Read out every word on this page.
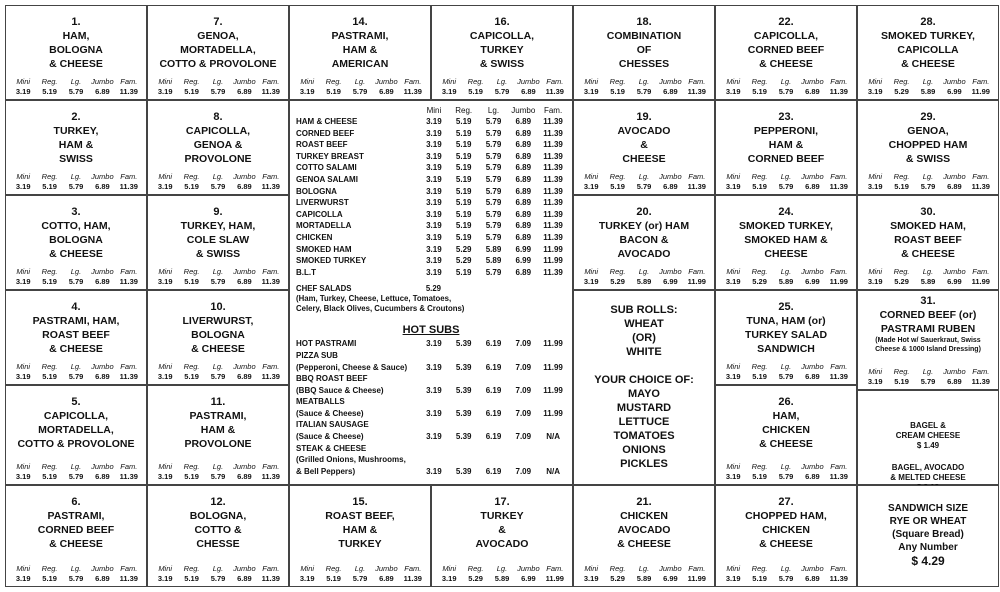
1.
HAM,
BOLOGNA
& CHEESE
Mini	Reg.	Lg.	Jumbo Fam.
3.19	5.19	5.79	6.89	11.39
7.
GENOA,
MORTADELLA,
COTTO & PROVOLONE
Mini	Reg.	Lg.	Jumbo Fam.
3.19	5.19	5.79	6.89	11.39
14.
PASTRAMI,
HAM &
AMERICAN
Mini	Reg.	Lg.	Jumbo Fam.
3.19	5.19	5.79	6.89	11.39
16.
CAPICOLLA,
TURKEY
& SWISS
Mini	Reg.	Lg.	Jumbo Fam.
3.19	5.19	5.79	6.89	11.39
18.
COMBINATION
OF
CHESSES
Mini	Reg.	Lg.	Jumbo Fam.
3.19	5.19	5.79	6.89	11.39
22.
CAPICOLLA,
CORNED BEEF
& CHEESE
Mini	Reg.	Lg.	Jumbo Fam.
3.19	5.19	5.79	6.89	11.39
28.
SMOKED TURKEY,
CAPICOLLA
& CHEESE
Mini	Reg.	Lg.	Jumbo Fam.
3.19	5.29	5.89	6.99	11.99
2.
TURKEY,
HAM &
SWISS
Mini	Reg.	Lg.	Jumbo Fam.
3.19	5.19	5.79	6.89	11.39
8.
CAPICOLLA,
GENOA &
PROVOLONE
Mini	Reg.	Lg.	Jumbo Fam.
3.19	5.19	5.79	6.89	11.39
19.
AVOCADO
&
CHEESE
Mini	Reg.	Lg.	Jumbo Fam.
3.19	5.19	5.79	6.89	11.39
23.
PEPPERONI,
HAM &
CORNED BEEF
Mini	Reg.	Lg.	Jumbo Fam.
3.19	5.19	5.79	6.89	11.39
29.
GENOA,
CHOPPED HAM
& SWISS
Mini	Reg.	Lg.	Jumbo Fam.
3.19	5.19	5.79	6.89	11.39
3.
COTTO, HAM,
BOLOGNA
& CHEESE
Mini	Reg.	Lg.	Jumbo Fam.
3.19	5.19	5.79	6.89	11.39
9.
TURKEY, HAM,
COLE SLAW
& SWISS
Mini	Reg.	Lg.	Jumbo Fam.
3.19	5.19	5.79	6.89	11.39
20.
TURKEY (or) HAM
BACON &
AVOCADO
Mini	Reg.	Lg.	Jumbo Fam.
3.19	5.29	5.89	6.99	11.99
24.
SMOKED TURKEY,
SMOKED HAM &
CHEESE
Mini	Reg.	Lg.	Jumbo Fam.
3.19	5.29	5.89	6.99	11.99
30.
SMOKED HAM,
ROAST BEEF
& CHEESE
Mini	Reg.	Lg.	Jumbo Fam.
3.19	5.29	5.89	6.99	11.99
4.
PASTRAMI, HAM,
ROAST BEEF
& CHEESE
Mini	Reg.	Lg.	Jumbo Fam.
3.19	5.19	5.79	6.89	11.39
10.
LIVERWURST,
BOLOGNA
& CHEESE
Mini	Reg.	Lg.	Jumbo Fam.
3.19	5.19	5.79	6.89	11.39
25.
TUNA, HAM (or)
TURKEY SALAD
SANDWICH
Mini	Reg.	Lg.	Jumbo Fam.
3.19	5.19	5.79	6.89	11.39
5.
CAPICOLLA,
MORTADELLA,
COTTO & PROVOLONE
Mini	Reg.	Lg.	Jumbo Fam.
3.19	5.19	5.79	6.89	11.39
11.
PASTRAMI,
HAM &
PROVOLONE
Mini	Reg.	Lg.	Jumbo Fam.
3.19	5.19	5.79	6.89	11.39
26.
HAM,
CHICKEN
& CHEESE
Mini	Reg.	Lg.	Jumbo Fam.
3.19	5.19	5.79	6.89	11.39
6.
PASTRAMI,
CORNED BEEF
& CHEESE
Mini	Reg.	Lg.	Jumbo Fam.
3.19	5.19	5.79	6.89	11.39
12.
BOLOGNA,
COTTO &
CHESSE
Mini	Reg.	Lg.	Jumbo Fam.
3.19	5.19	5.79	6.89	11.39
15.
ROAST BEEF,
HAM &
TURKEY
Mini	Reg.	Lg.	Jumbo Fam.
3.19	5.19	5.79	6.89	11.39
17.
TURKEY
&
AVOCADO
Mini	Reg.	Lg.	Jumbo Fam.
3.19	5.29	5.89	6.99	11.99
21.
CHICKEN
AVOCADO
& CHEESE
Mini	Reg.	Lg.	Jumbo Fam.
3.19	5.29	5.89	6.99	11.99
27.
CHOPPED HAM,
CHICKEN
& CHEESE
Mini	Reg.	Lg.	Jumbo Fam.
3.19	5.19	5.79	6.89	11.39
Mini	Reg.	Lg.	Jumbo	Fam.
HAM & CHEESE	3.19	5.19	5.79	6.89	11.39
CORNED BEEF	3.19	5.19	5.79	6.89	11.39
ROAST BEEF	3.19	5.19	5.79	6.89	11.39
TURKEY BREAST	3.19	5.19	5.79	6.89	11.39
COTTO SALAMI	3.19	5.19	5.79	6.89	11.39
GENOA SALAMI	3.19	5.19	5.79	6.89	11.39
BOLOGNA	3.19	5.19	5.79	6.89	11.39
LIVERWURST	3.19	5.19	5.79	6.89	11.39
CAPICOLLA	3.19	5.19	5.79	6.89	11.39
MORTADELLA	3.19	5.19	5.79	6.89	11.39
CHICKEN	3.19	5.19	5.79	6.89	11.39
SMOKED HAM	3.19	5.29	5.89	6.99	11.99
SMOKED TURKEY	3.19	5.29	5.89	6.99	11.99
B.L.T	3.19	5.19	5.79	6.89	11.39
CHEF SALADS	5.29
(Ham, Turkey, Cheese, Lettuce, Tomatoes,
Celery, Black Olives, Cucumbers & Croutons)
HOT SUBS
HOT PASTRAMI	3.19	5.39	6.19	7.09	11.99
PIZZA SUB
(Pepperoni, Cheese & Sauce)	3.19	5.39	6.19	7.09	11.99
BBQ ROAST BEEF
(BBQ Sauce & Cheese)	3.19	5.39	6.19	7.09	11.99
MEATBALLS
(Sauce & Cheese)	3.19	5.39	6.19	7.09	11.99
ITALIAN SAUSAGE
(Sauce & Cheese)	3.19	5.39	6.19	7.09	N/A
STEAK & CHEESE
(Grilled Onions, Mushrooms,
& Bell Peppers)	3.19	5.39	6.19	7.09	N/A
SUB ROLLS:
WHEAT
(OR)
WHITE
YOUR CHOICE OF:
MAYO
MUSTARD
LETTUCE
TOMATOES
ONIONS
PICKLES
31.
CORNED BEEF (or)
PASTRAMI RUBEN
(Made Hot w/ Sauerkraut, Swiss
Cheese & 1000 Island Dressing)
Mini	Reg.	Lg.	Jumbo Fam.
3.19	5.19	5.79	6.89	11.39
BAGEL &
CREAM CHEESE
$ 1.49
BAGEL, AVOCADO
& MELTED CHEESE
SANDWICH SIZE
RYE OR WHEAT
(Square Bread)
Any Number
$ 4.29
